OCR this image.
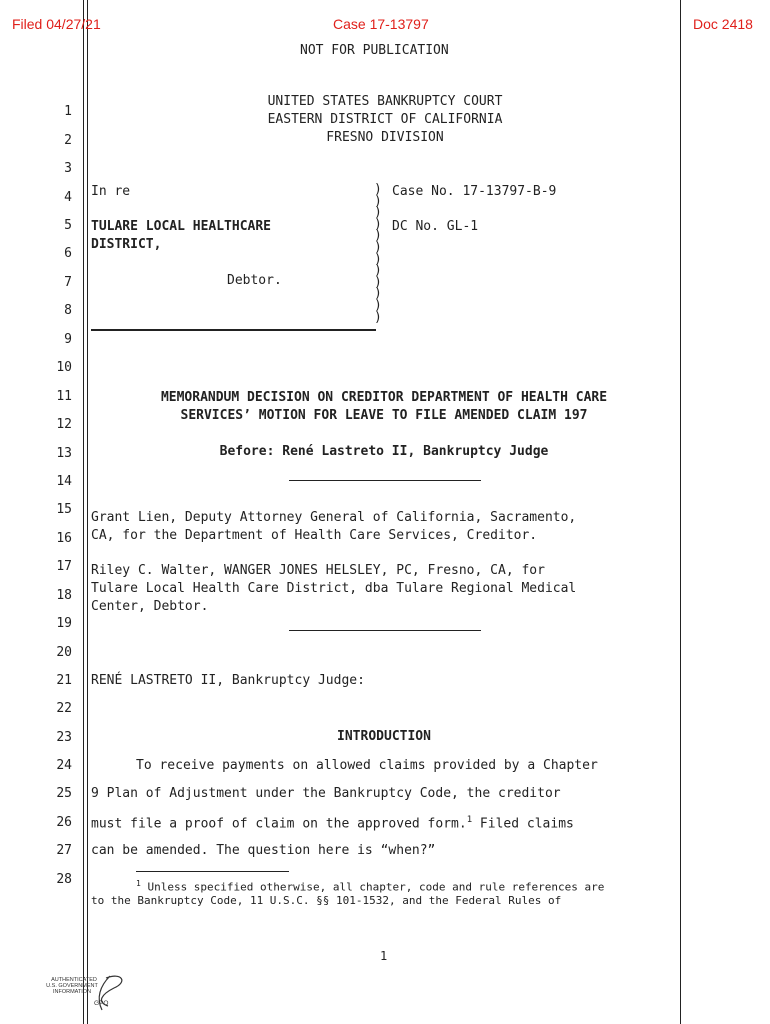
Filed 04/27/21	Case 17-13797	Doc 2418
NOT FOR PUBLICATION
UNITED STATES BANKRUPTCY COURT
EASTERN DISTRICT OF CALIFORNIA
FRESNO DIVISION
1
2
3
4
5
6
7
8
9
10
11
12
13
14
15
16
17
18
19
20
21
22
23
24
25
26
27
28
In re
TULARE LOCAL HEALTHCARE
DISTRICT,
Debtor.
)
)
)
)
)
)
)
)
)
)
)
)
Case No. 17-13797-B-9
DC No. GL-1
MEMORANDUM DECISION ON CREDITOR DEPARTMENT OF HEALTH CARE
SERVICES’ MOTION FOR LEAVE TO FILE AMENDED CLAIM 197
Before: René Lastreto II, Bankruptcy Judge
Grant Lien, Deputy Attorney General of California, Sacramento,
CA, for the Department of Health Care Services, Creditor.
Riley C. Walter, WANGER JONES HELSLEY, PC, Fresno, CA, for
Tulare Local Health Care District, dba Tulare Regional Medical
Center, Debtor.
RENÉ LASTRETO II, Bankruptcy Judge:
INTRODUCTION
To receive payments on allowed claims provided by a Chapter
9 Plan of Adjustment under the Bankruptcy Code, the creditor
must file a proof of claim on the approved form.$^1$ Filed claims
can be amended. The question here is “when?”
$^1$ Unless specified otherwise, all chapter, code and rule references are
to the Bankruptcy Code, 11 U.S.C. §§ 101-1532, and the Federal Rules of
1
AUTHENTICATED
U.S. GOVERNMENT
INFORMATION
GPO
